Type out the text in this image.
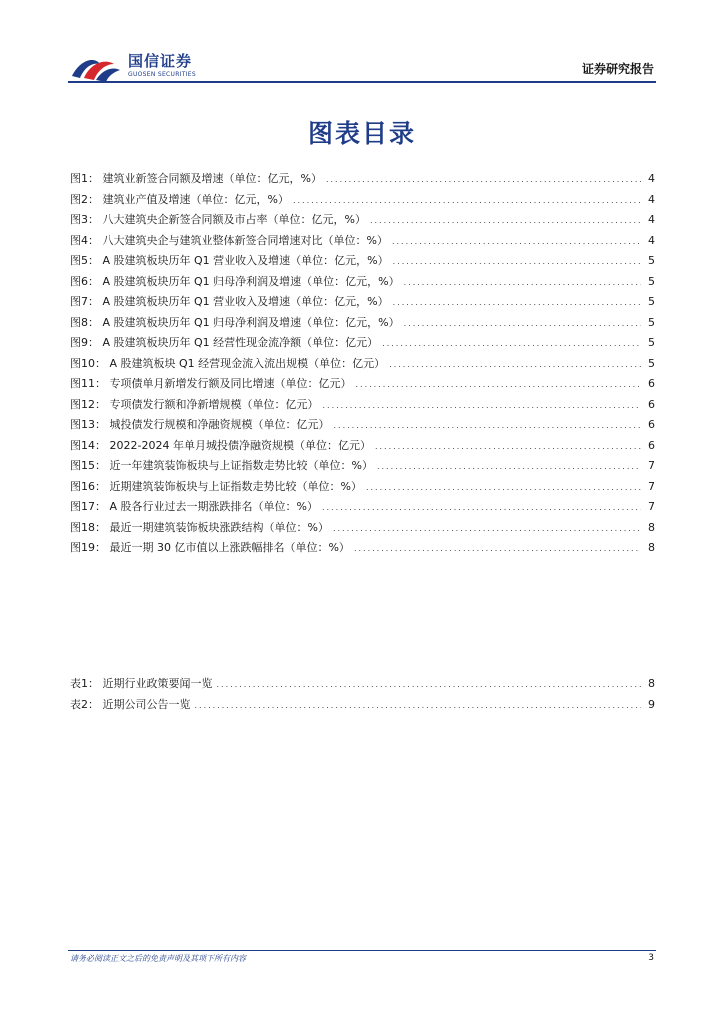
国信证券
GUOSEN SECURITIES	证券研究报告
图表目录
图1： 建筑业新签合同额及增速（单位：亿元，%） .....	4
图2： 建筑业产值及增速（单位：亿元，%） .....	4
图3： 八大建筑央企新签合同额及市占率（单位：亿元，%） .....	4
图4： 八大建筑央企与建筑业整体新签合同增速对比（单位：%） .....	4
图5： A 股建筑板块历年 Q1 营业收入及增速（单位：亿元，%） .....	5
图6： A 股建筑板块历年 Q1 归母净利润及增速（单位：亿元，%） .....	5
图7： A 股建筑板块历年 Q1 营业收入及增速（单位：亿元，%） .....	5
图8： A 股建筑板块历年 Q1 归母净利润及增速（单位：亿元，%） .....	5
图9： A 股建筑板块历年 Q1 经营性现金流净额（单位：亿元） .....	5
图10： A 股建筑板块 Q1 经营现金流入流出规模（单位：亿元） .....	5
图11： 专项债单月新增发行额及同比增速（单位：亿元） .....	6
图12： 专项债发行额和净新增规模（单位：亿元） .....	6
图13： 城投债发行规模和净融资规模（单位：亿元） .....	6
图14： 2022-2024 年单月城投债净融资规模（单位：亿元） .....	6
图15： 近一年建筑装饰板块与上证指数走势比较（单位：%） .....	7
图16： 近期建筑装饰板块与上证指数走势比较（单位：%） .....	7
图17： A 股各行业过去一期涨跌排名（单位：%） .....	7
图18： 最近一期建筑装饰板块涨跌结构（单位：%） .....	8
图19： 最近一期 30 亿市值以上涨跌幅排名（单位：%） .....	8
表1： 近期行业政策要闻一览 .....	8
表2： 近期公司公告一览 .....	9
请务必阅读正文之后的免责声明及其项下所有内容	3
